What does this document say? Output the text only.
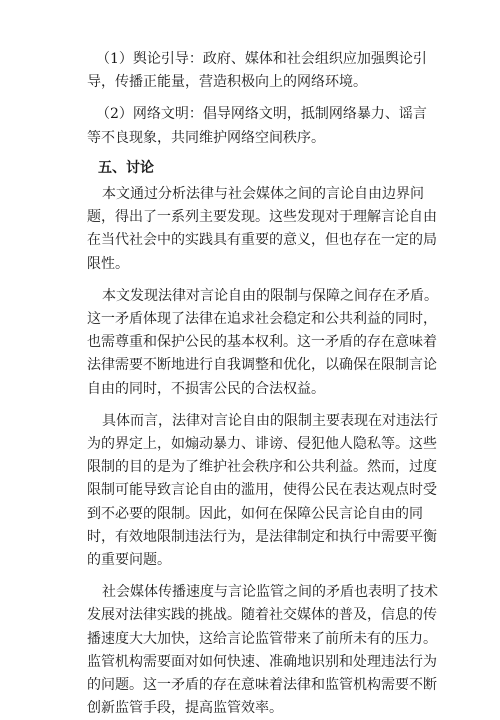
（1）舆论引导：政府、媒体和社会组织应加强舆论引导，传播正能量，营造积极向上的网络环境。

（2）网络文明：倡导网络文明，抵制网络暴力、谣言等不良现象，共同维护网络空间秩序。

五、讨论

本文通过分析法律与社会媒体之间的言论自由边界问题，得出了一系列主要发现。这些发现对于理解言论自由在当代社会中的实践具有重要的意义，但也存在一定的局限性。

本文发现法律对言论自由的限制与保障之间存在矛盾。这一矛盾体现了法律在追求社会稳定和公共利益的同时，也需尊重和保护公民的基本权利。这一矛盾的存在意味着法律需要不断地进行自我调整和优化，以确保在限制言论自由的同时，不损害公民的合法权益。

具体而言，法律对言论自由的限制主要表现在对违法行为的界定上，如煽动暴力、诽谤、侵犯他人隐私等。这些限制的目的是为了维护社会秩序和公共利益。然而，过度限制可能导致言论自由的滥用，使得公民在表达观点时受到不必要的限制。因此，如何在保障公民言论自由的同时，有效地限制违法行为，是法律制定和执行中需要平衡的重要问题。

社会媒体传播速度与言论监管之间的矛盾也表明了技术发展对法律实践的挑战。随着社交媒体的普及，信息的传播速度大大加快，这给言论监管带来了前所未有的压力。监管机构需要面对如何快速、准确地识别和处理违法行为的问题。这一矛盾的存在意味着法律和监管机构需要不断创新监管手段，提高监管效率。
